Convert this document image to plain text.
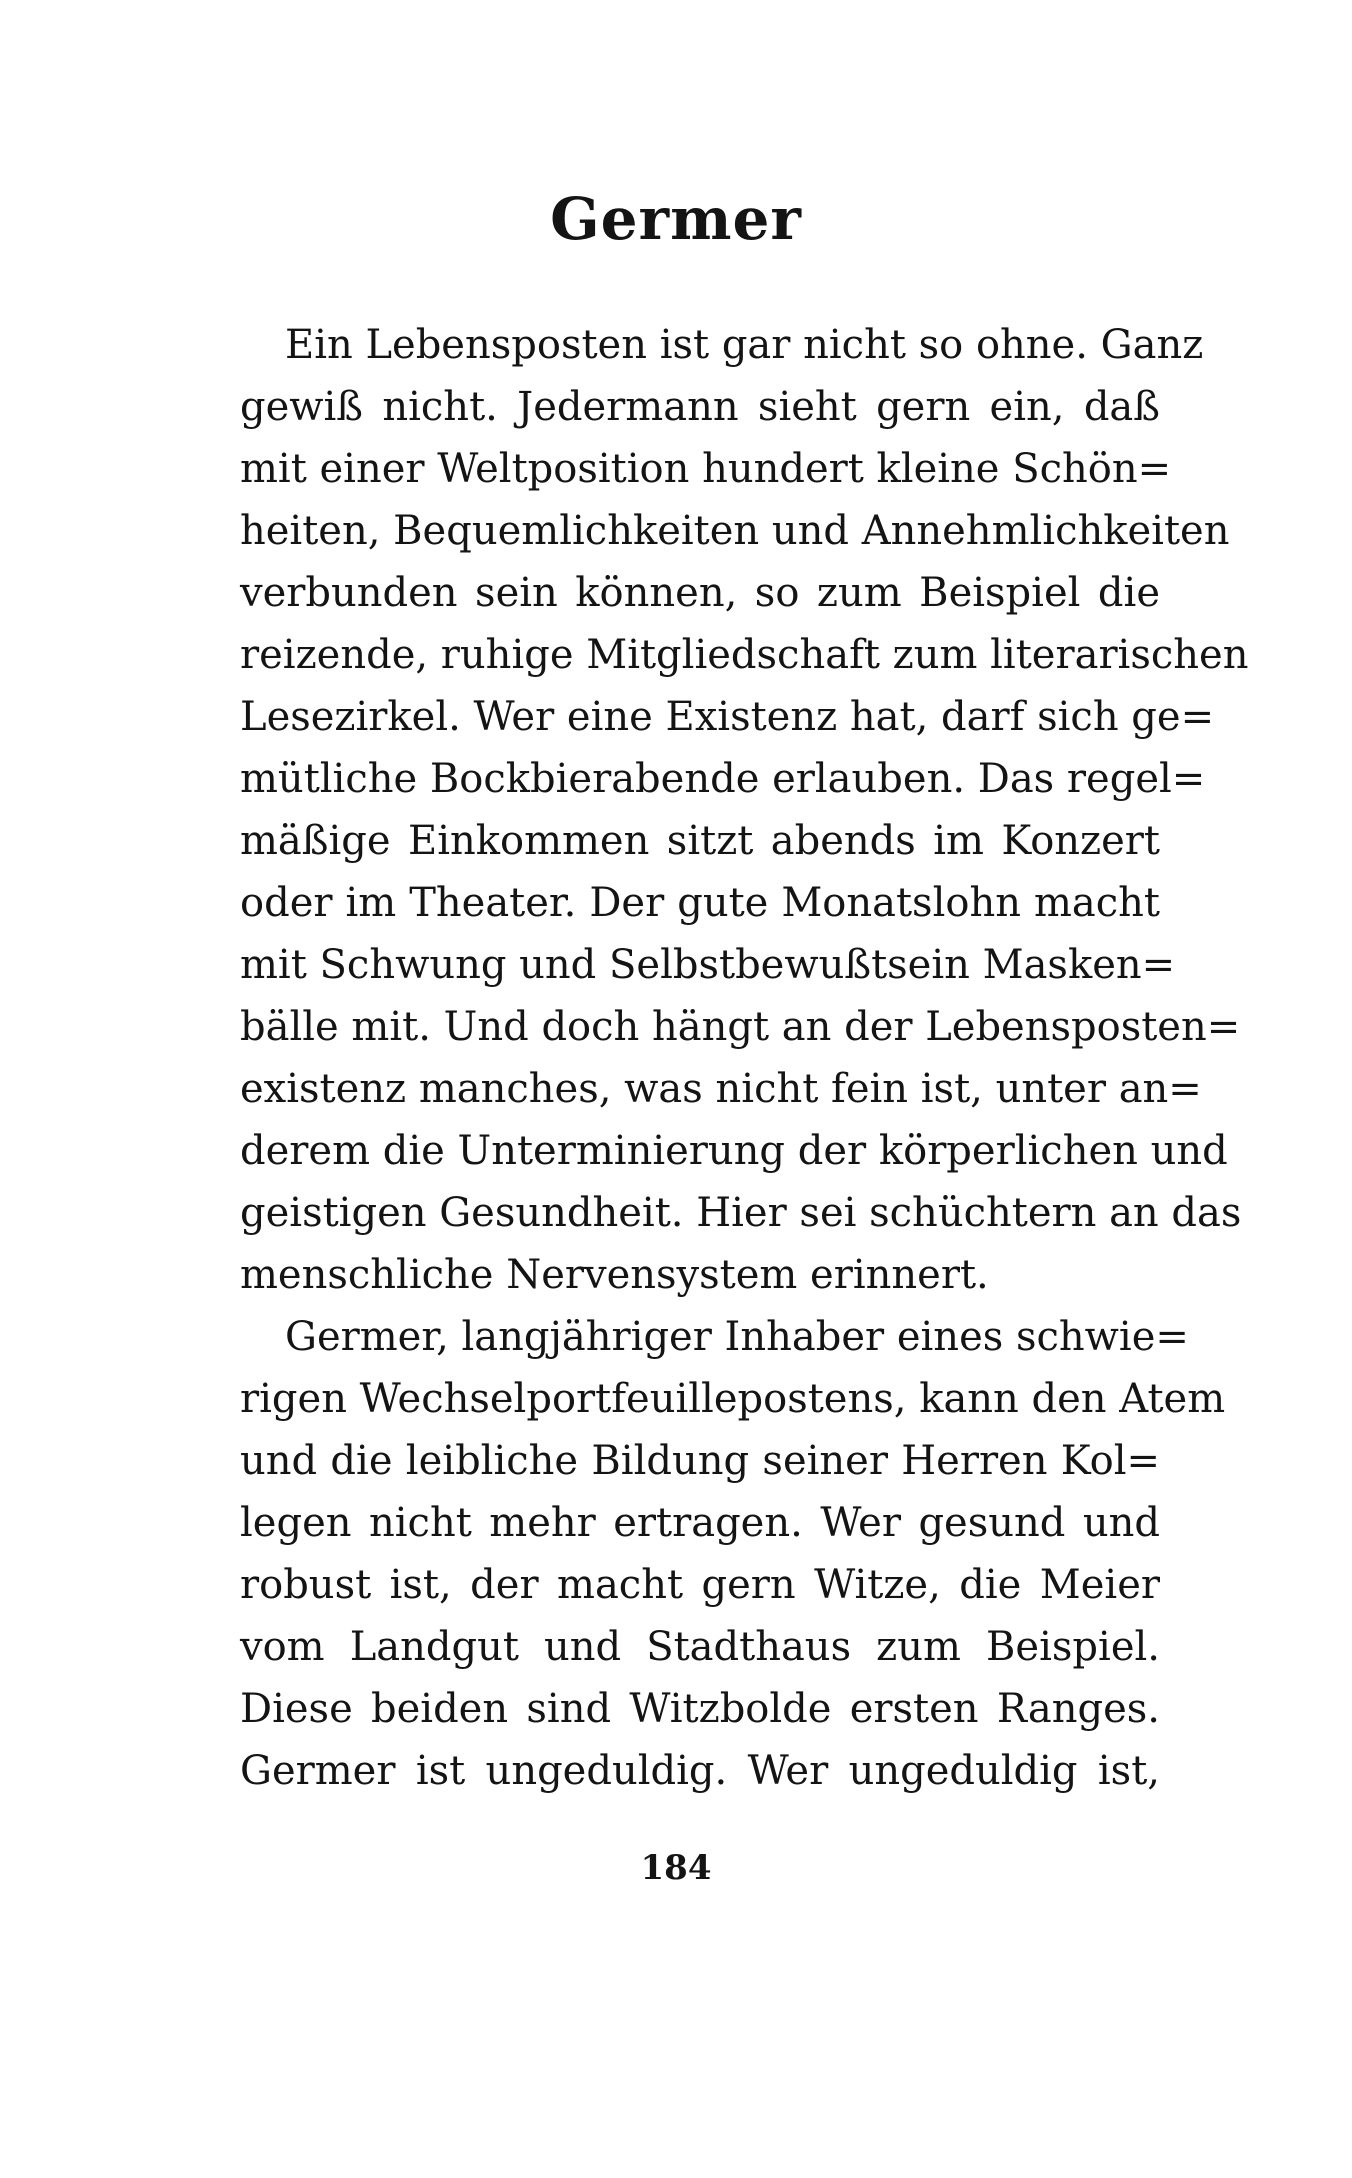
Germer
Ein Lebensposten ist gar nicht so ohne. Ganz
gewiß nicht. Jedermann sieht gern ein, daß
mit einer Weltposition hundert kleine Schön=
heiten, Bequemlichkeiten und Annehmlichkeiten
verbunden sein können, so zum Beispiel die
reizende, ruhige Mitgliedschaft zum literarischen
Lesezirkel. Wer eine Existenz hat, darf sich ge=
mütliche Bockbierabende erlauben. Das regel=
mäßige Einkommen sitzt abends im Konzert
oder im Theater. Der gute Monatslohn macht
mit Schwung und Selbstbewußtsein Masken=
bälle mit. Und doch hängt an der Lebensposten=
existenz manches, was nicht fein ist, unter an=
derem die Unterminierung der körperlichen und
geistigen Gesundheit. Hier sei schüchtern an das
menschliche Nervensystem erinnert.
Germer, langjähriger Inhaber eines schwie=
rigen Wechselportfeuillepostens, kann den Atem
und die leibliche Bildung seiner Herren Kol=
legen nicht mehr ertragen. Wer gesund und
robust ist, der macht gern Witze, die Meier
vom Landgut und Stadthaus zum Beispiel.
Diese beiden sind Witzbolde ersten Ranges.
Germer ist ungeduldig. Wer ungeduldig ist,
184
